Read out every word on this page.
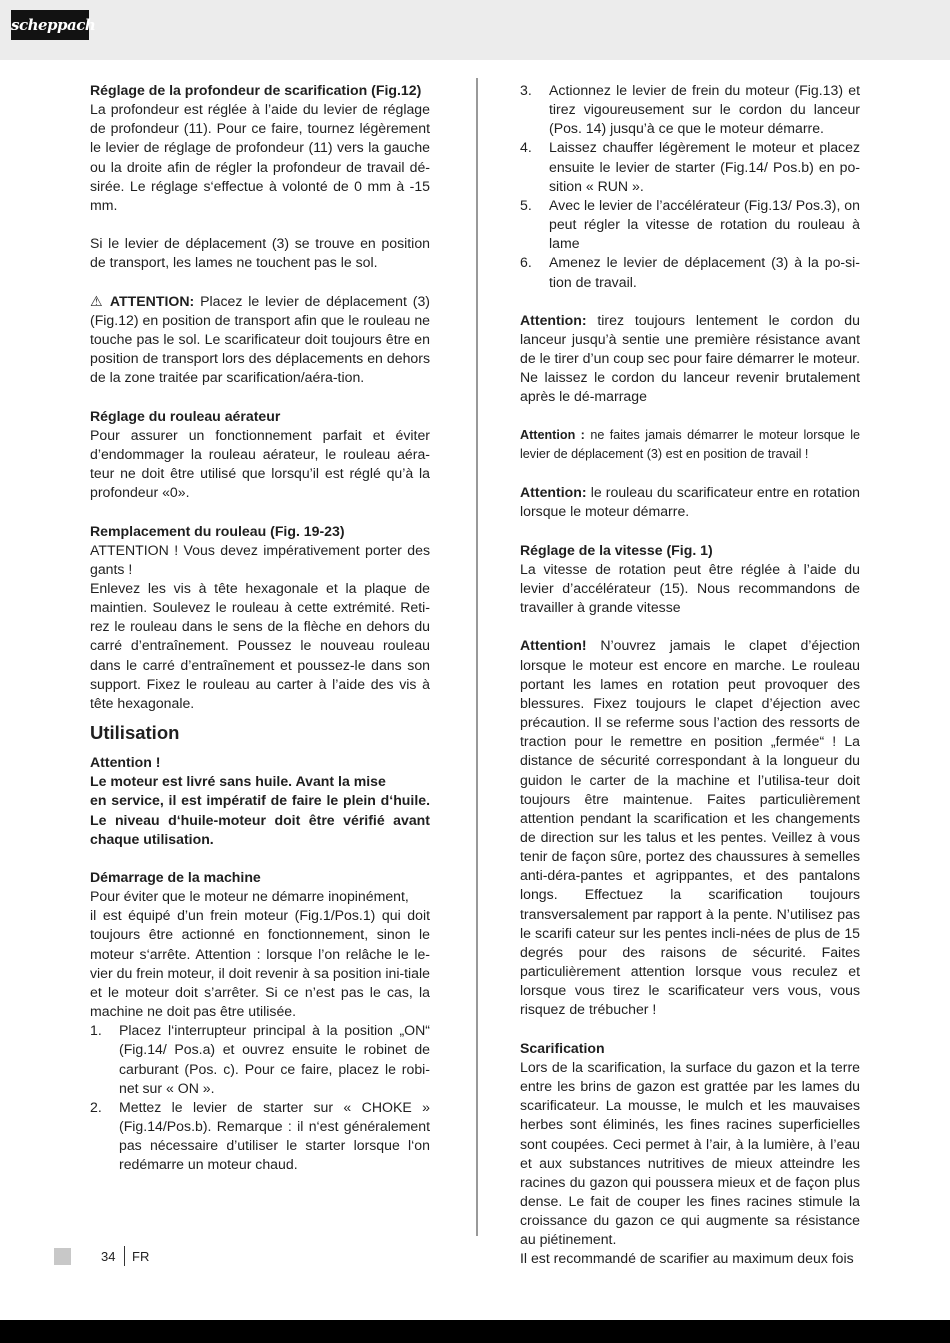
scheppach

Réglage de la profondeur de scarification (Fig.12)

La profondeur est réglée à l’aide du levier de réglage de profondeur (11). Pour ce faire, tournez légèrement le levier de réglage de profondeur (11) vers la gauche ou la droite afin de régler la profondeur de travail dé-sirée. Le réglage s‘effectue à volonté de 0 mm à -15 mm.

Si le levier de déplacement (3) se trouve en position de transport, les lames ne touchent pas le sol.

⚠ ATTENTION: Placez le levier de déplacement (3) (Fig.12) en position de transport afin que le rouleau ne touche pas le sol. Le scarificateur doit toujours être en position de transport lors des déplacements en dehors de la zone traitée par scarification/aéra-tion.

Réglage du rouleau aérateur

Pour assurer un fonctionnement parfait et éviter d’endommager la rouleau aérateur, le rouleau aéra-teur ne doit être utilisé que lorsqu’il est réglé qu’à la profondeur «0».

Remplacement du rouleau (Fig. 19-23)

ATTENTION ! Vous devez impérativement porter des gants !

Enlevez les vis à tête hexagonale et la plaque de maintien. Soulevez le rouleau à cette extrémité. Reti-rez le rouleau dans le sens de la flèche en dehors du carré d’entraînement. Poussez le nouveau rouleau dans le carré d’entraînement et poussez-le dans son support. Fixez le rouleau au carter à l’aide des vis à tête hexagonale.

Utilisation

Attention !

Le moteur est livré sans huile. Avant la mise

en service, il est impératif de faire le plein d‘huile. Le niveau d‘huile-moteur doit être vérifié avant chaque utilisation.

Démarrage de la machine

Pour éviter que le moteur ne démarre inopinément,

il est équipé d’un frein moteur (Fig.1/Pos.1) qui doit toujours être actionné en fonctionnement, sinon le moteur s‘arrête. Attention : lorsque l’on relâche le le-vier du frein moteur, il doit revenir à sa position ini-tiale et le moteur doit s’arrêter. Si ce n’est pas le cas, la machine ne doit pas être utilisée.

1. Placez l‘interrupteur principal à la position „ON“ (Fig.14/ Pos.a) et ouvrez ensuite le robinet de carburant (Pos. c). Pour ce faire, placez le robi-net sur « ON ».
2. Mettez le levier de starter sur « CHOKE » (Fig.14/Pos.b). Remarque : il n‘est généralement pas nécessaire d’utiliser le starter lorsque l‘on redémarre un moteur chaud.
3. Actionnez le levier de frein du moteur (Fig.13) et tirez vigoureusement sur le cordon du lanceur (Pos. 14) jusqu’à ce que le moteur démarre.
4. Laissez chauffer légèrement le moteur et placez ensuite le levier de starter (Fig.14/ Pos.b) en po-sition « RUN ».
5. Avec le levier de l’accélérateur (Fig.13/ Pos.3), on peut régler la vitesse de rotation du rouleau à lame
6. Amenez le levier de déplacement (3) à la po-si-tion de travail.

Attention: tirez toujours lentement le cordon du lanceur jusqu’à sentie une première résistance avant de le tirer d’un coup sec pour faire démarrer le moteur. Ne laissez le cordon du lanceur revenir brutalement après le dé-marrage

Attention : ne faites jamais démarrer le moteur lorsque le levier de déplacement (3) est en position de travail !

Attention: le rouleau du scarificateur entre en rotation lorsque le moteur démarre.

Réglage de la vitesse (Fig. 1)

La vitesse de rotation peut être réglée à l’aide du levier d’accélérateur (15). Nous recommandons de travailler à grande vitesse

Attention! N’ouvrez jamais le clapet d’éjection lorsque le moteur est encore en marche. Le rouleau portant les lames en rotation peut provoquer des blessures. Fixez toujours le clapet d’éjection avec précaution. Il se referme sous l’action des ressorts de traction pour le remettre en position „fermée“ ! La distance de sécurité correspondant à la longueur du guidon le carter de la machine et l’utilisa-teur doit toujours être maintenue. Faites particulièrement attention pendant la scarification et les changements de direction sur les talus et les pentes. Veillez à vous tenir de façon sûre, portez des chaussures à semelles anti-déra-pantes et agrippantes, et des pantalons longs. Effectuez la scarification toujours transversalement par rapport à la pente. N’utilisez pas le scarifi cateur sur les pentes incli-nées de plus de 15 degrés pour des raisons de sécurité. Faites particulièrement attention lorsque vous reculez et lorsque vous tirez le scarificateur vers vous, vous risquez de trébucher !

Scarification

Lors de la scarification, la surface du gazon et la terre entre les brins de gazon est grattée par les lames du scarificateur. La mousse, le mulch et les mauvaises herbes sont éliminés, les fines racines superficielles sont coupées. Ceci permet à l’air, à la lumière, à l’eau et aux substances nutritives de mieux atteindre les racines du gazon qui poussera mieux et de façon plus dense. Le fait de couper les fines racines stimule la croissance du gazon ce qui augmente sa résistance au piétinement.

Il est recommandé de scarifier au maximum deux fois

34 FR
